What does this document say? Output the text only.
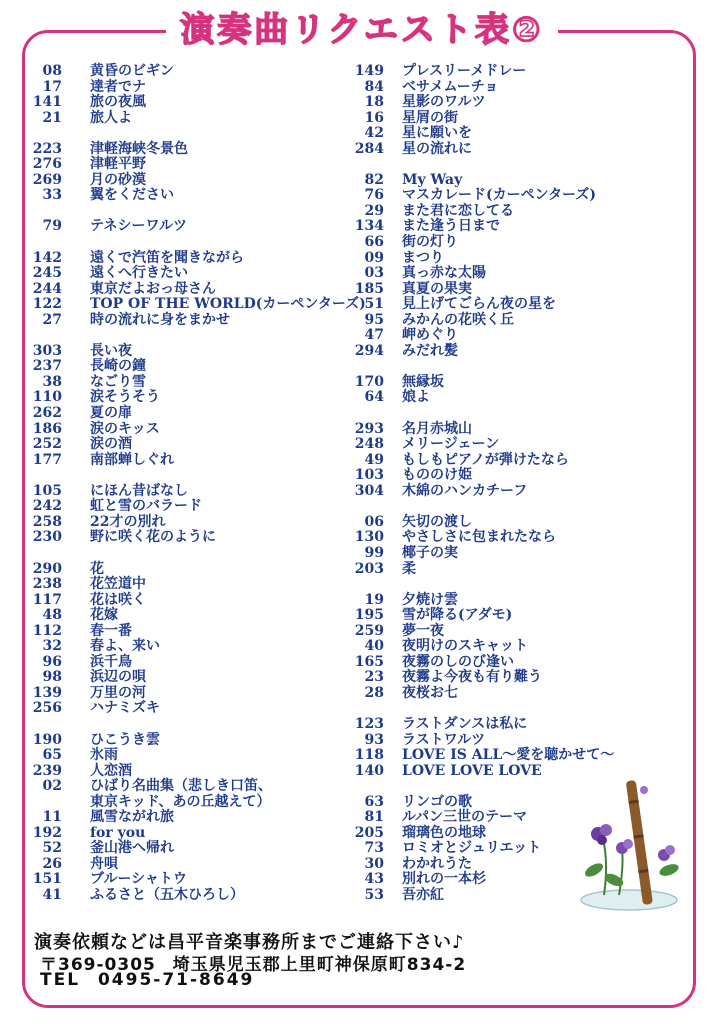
演奏曲リクエスト表②
08 黄昏のビギン
17 達者でナ
141 旅の夜風
21 旅人よ
223 津軽海峡冬景色
276 津軽平野
269 月の砂漠
33 翼をください
79 テネシーワルツ
142 遠くで汽笛を聞きながら
245 遠くへ行きたい
244 東京だよおっ母さん
122 TOP OF THE WORLD(カーペンターズ)
27 時の流れに身をまかせ
303 長い夜
237 長崎の鐘
38 なごり雪
110 涙そうそう
262 夏の扉
186 涙のキッス
252 涙の酒
177 南部蝉しぐれ
105 にほん昔ばなし
242 虹と雪のバラード
258 22才の別れ
230 野に咲く花のように
290 花
238 花笠道中
117 花は咲く
48 花嫁
112 春一番
32 春よ、来い
96 浜千鳥
98 浜辺の唄
139 万里の河
256 ハナミズキ
190 ひこうき雲
65 氷雨
239 人恋酒
02 ひばり名曲集（悲しき口笛、
東京キッド、あの丘越えて）
11 風雪ながれ旅
192 for you
52 釜山港へ帰れ
26 舟唄
151 ブルーシャトウ
41 ふるさと（五木ひろし）
149 プレスリーメドレー
84 ベサメムーチョ
18 星影のワルツ
16 星屑の街
42 星に願いを
284 星の流れに
82 My Way
76 マスカレード(カーペンターズ)
29 また君に恋してる
134 また逢う日まで
66 街の灯り
09 まつり
03 真っ赤な太陽
185 真夏の果実
51 見上げてごらん夜の星を
95 みかんの花咲く丘
47 岬めぐり
294 みだれ髪
170 無縁坂
64 娘よ
293 名月赤城山
248 メリージェーン
49 もしもピアノが弾けたなら
103 もののけ姫
304 木綿のハンカチーフ
06 矢切の渡し
130 やさしさに包まれたなら
99 椰子の実
203 柔
19 夕焼け雲
195 雪が降る(アダモ)
259 夢一夜
40 夜明けのスキャット
165 夜霧のしのび逢い
23 夜霧よ今夜も有り難う
28 夜桜お七
123 ラストダンスは私に
93 ラストワルツ
118 LOVE IS ALL～愛を聴かせて～
140 LOVE LOVE LOVE
63 リンゴの歌
81 ルパン三世のテーマ
205 瑠璃色の地球
73 ロミオとジュリエット
30 わかれうた
43 別れの一本杉
53 吾亦紅
演奏依頼などは昌平音楽事務所までご連絡下さい♪
〒369-0305 埼玉県児玉郡上里町神保原町834-2
TEL 0495-71-8649
